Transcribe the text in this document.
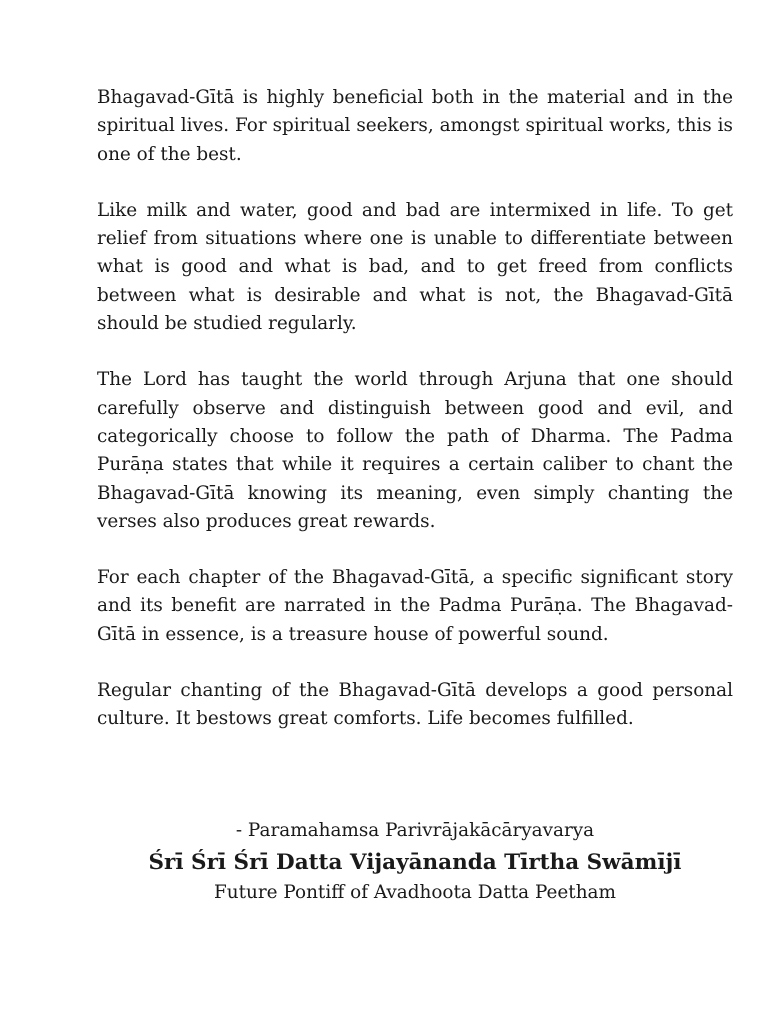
Bhagavad-Gītā is highly beneficial both in the material and in the spiritual lives. For spiritual seekers, amongst spiritual works, this is one of the best.

Like milk and water, good and bad are intermixed in life. To get relief from situations where one is unable to differentiate between what is good and what is bad, and to get freed from conflicts between what is desirable and what is not, the Bhagavad-Gītā should be studied regularly.

The Lord has taught the world through Arjuna that one should carefully observe and distinguish between good and evil, and categorically choose to follow the path of Dharma. The Padma Purāṇa states that while it requires a certain caliber to chant the Bhagavad-Gītā knowing its meaning, even simply chanting the verses also produces great rewards.

For each chapter of the Bhagavad-Gītā, a specific significant story and its benefit are narrated in the Padma Purāṇa. The Bhagavad-Gītā in essence, is a treasure house of powerful sound.

Regular chanting of the Bhagavad-Gītā develops a good personal culture. It bestows great comforts. Life becomes fulfilled.

- Paramahamsa Parivrājakācāryavarya
Śrī Śrī Śrī Datta Vijayānanda Tīrtha Swāmījī
Future Pontiff of Avadhoota Datta Peetham
